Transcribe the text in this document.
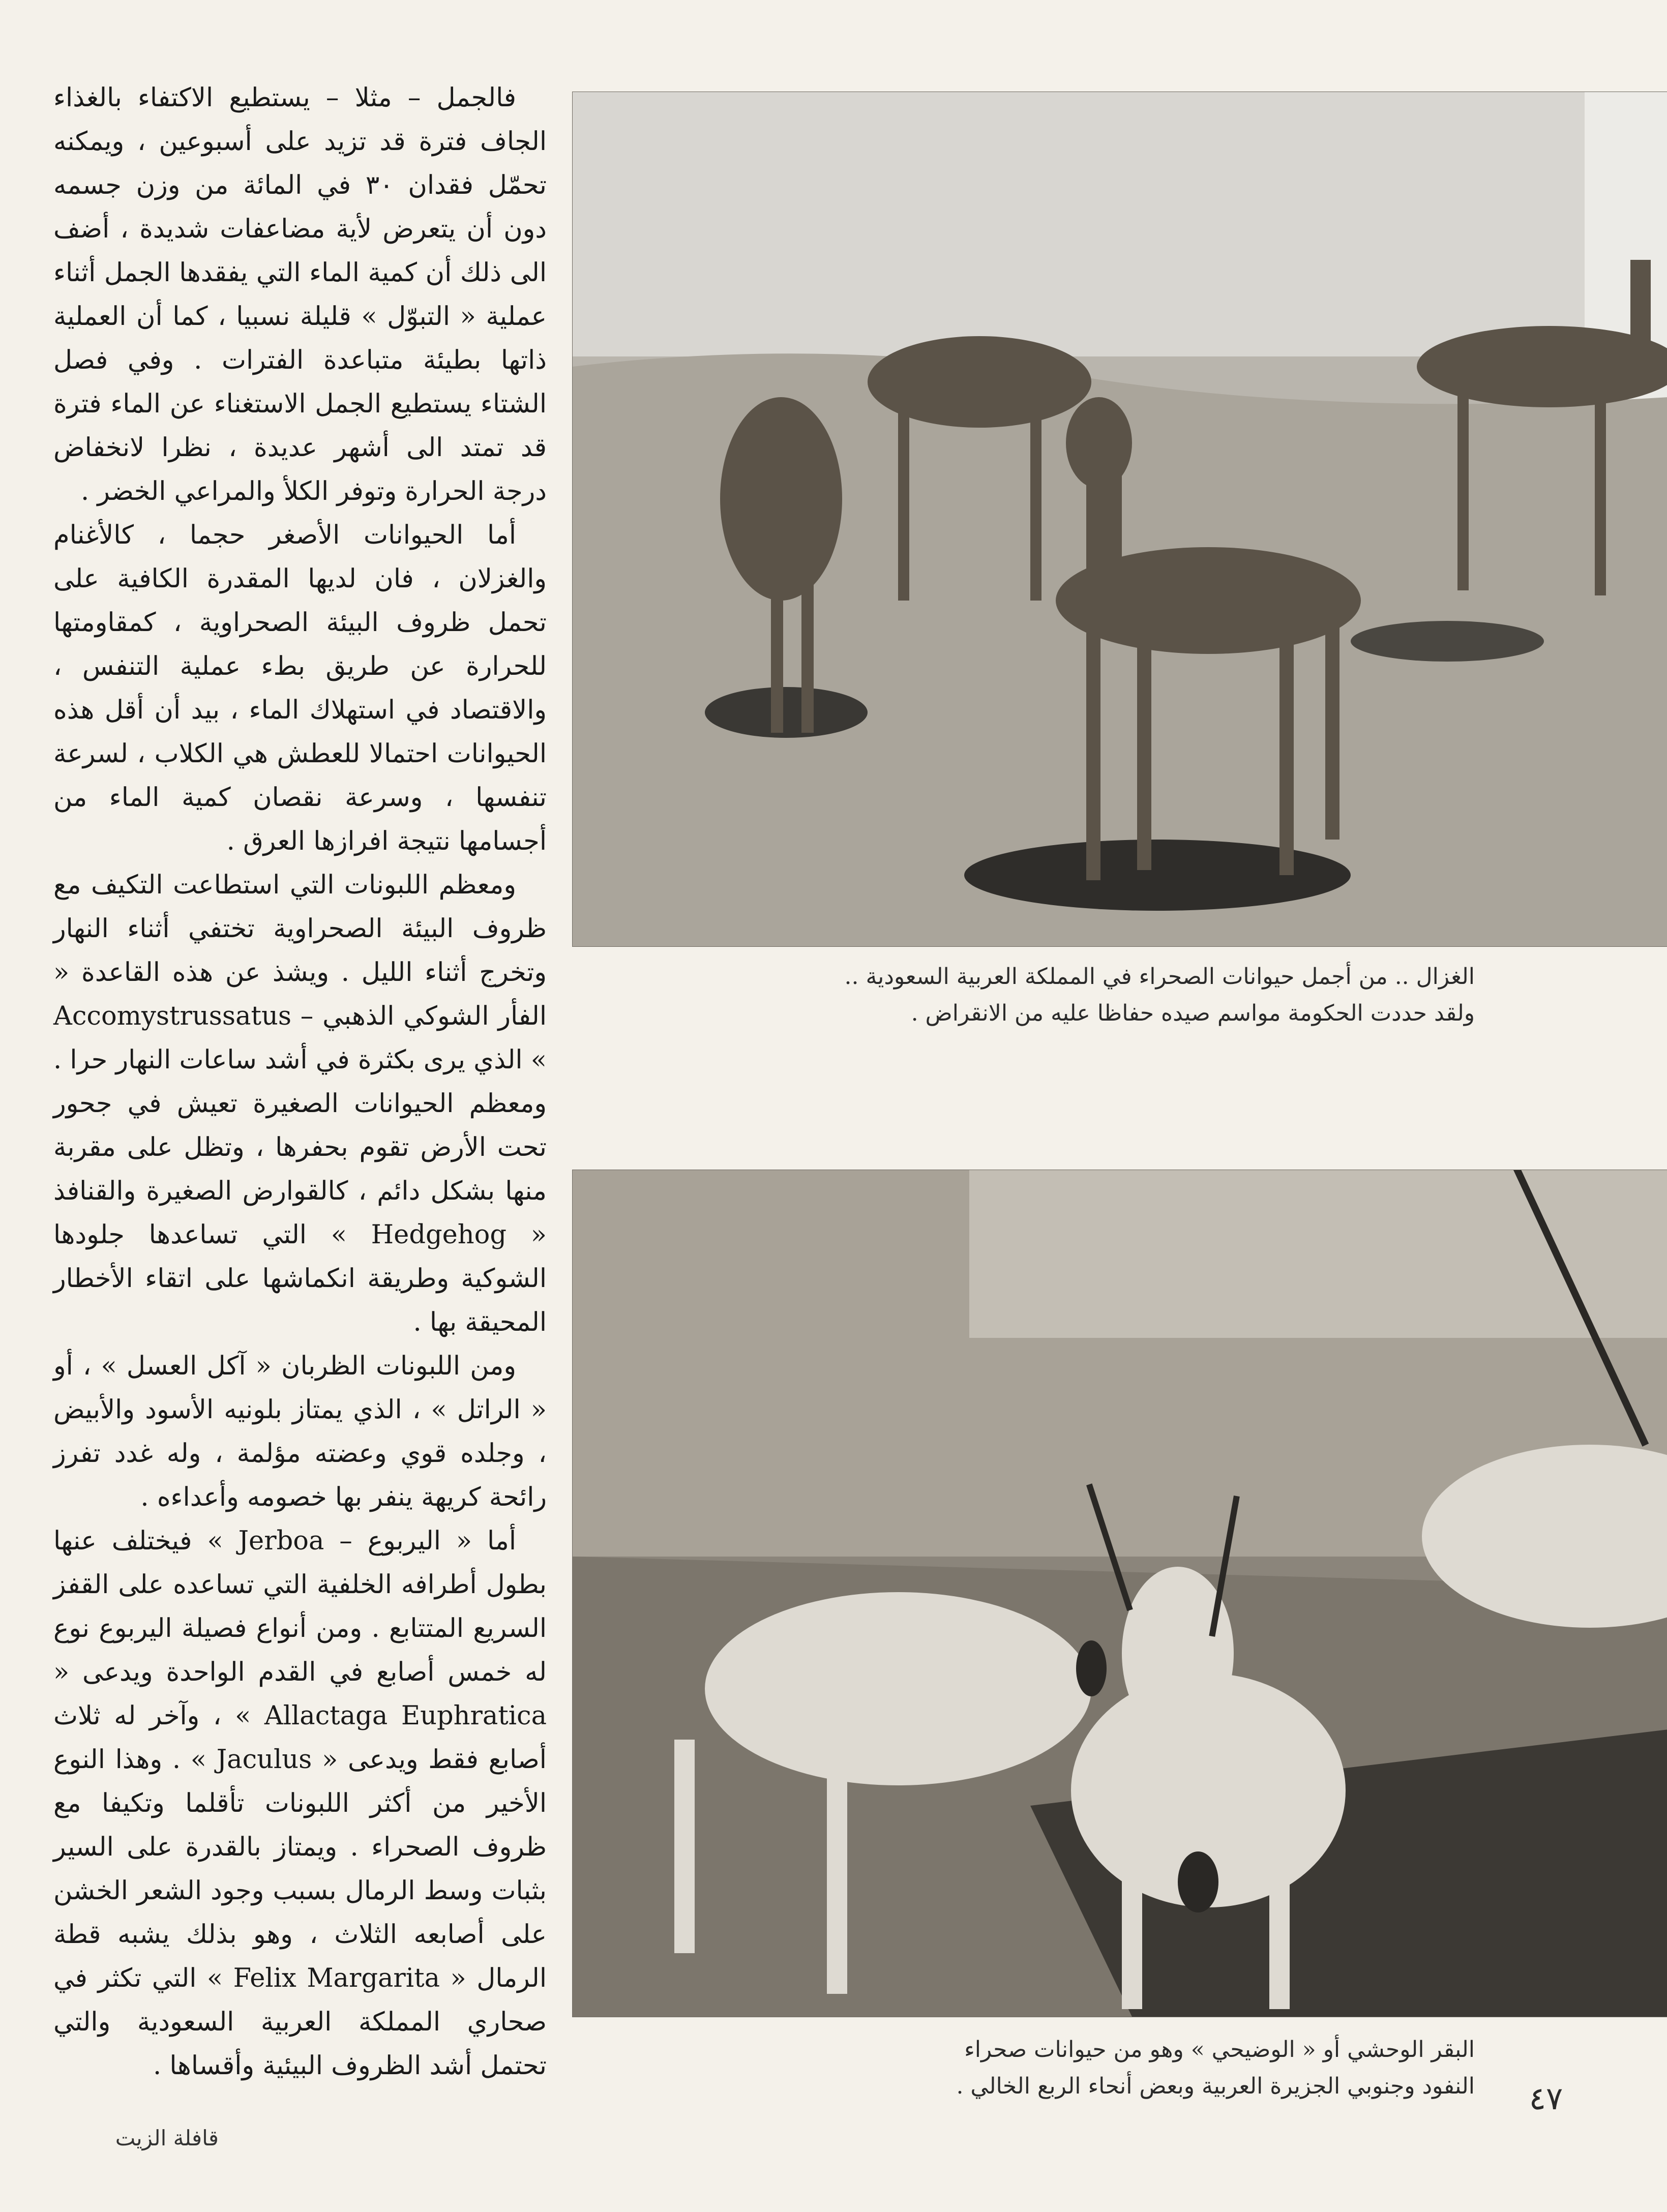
فالجمل – مثلا – يستطيع الاكتفاء بالغذاء الجاف فترة قد تزيد على أسبوعين ، ويمكنه تحمّل فقدان ٣٠ في المائة من وزن جسمه دون أن يتعرض لأية مضاعفات شديدة ، أضف الى ذلك أن كمية الماء التي يفقدها الجمل أثناء عملية « التبوّل » قليلة نسبيا ، كما أن العملية ذاتها بطيئة متباعدة الفترات . وفي فصل الشتاء يستطيع الجمل الاستغناء عن الماء فترة قد تمتد الى أشهر عديدة ، نظرا لانخفاض درجة الحرارة وتوفر الكلأ والمراعي الخضر .

أما الحيوانات الأصغر حجما ، كالأغنام والغزلان ، فان لديها المقدرة الكافية على تحمل ظروف البيئة الصحراوية ، كمقاومتها للحرارة عن طريق بطء عملية التنفس ، والاقتصاد في استهلاك الماء ، بيد أن أقل هذه الحيوانات احتمالا للعطش هي الكلاب ، لسرعة تنفسها ، وسرعة نقصان كمية الماء من أجسامها نتيجة افرازها العرق .

ومعظم اللبونات التي استطاعت التكيف مع ظروف البيئة الصحراوية تختفي أثناء النهار وتخرج أثناء الليل . ويشذ عن هذه القاعدة « الفأر الشوكي الذهبي – Accomystrussatus » الذي يرى بكثرة في أشد ساعات النهار حرا . ومعظم الحيوانات الصغيرة تعيش في جحور تحت الأرض تقوم بحفرها ، وتظل على مقربة منها بشكل دائم ، كالقوارض الصغيرة والقنافذ « Hedgehog » التي تساعدها جلودها الشوكية وطريقة انكماشها على اتقاء الأخطار المحيقة بها .

ومن اللبونات الظربان « آكل العسل » ، أو « الراتل » ، الذي يمتاز بلونيه الأسود والأبيض ، وجلده قوي وعضته مؤلمة ، وله غدد تفرز رائحة كريهة ينفر بها خصومه وأعداءه .

أما « اليربوع – Jerboa » فيختلف عنها بطول أطرافه الخلفية التي تساعده على القفز السريع المتتابع . ومن أنواع فصيلة اليربوع نوع له خمس أصابع في القدم الواحدة ويدعى « Allactaga Euphratica » ، وآخر له ثلاث أصابع فقط ويدعى « Jaculus » . وهذا النوع الأخير من أكثر اللبونات تأقلما وتكيفا مع ظروف الصحراء . ويمتاز بالقدرة على السير بثبات وسط الرمال بسبب وجود الشعر الخشن على أصابعه الثلاث ، وهو بذلك يشبه قطة الرمال « Felix Margarita » التي تكثر في صحاري المملكة العربية السعودية والتي تحتمل أشد الظروف البيئية وأقساها .

الغزال .. من أجمل حيوانات الصحراء في المملكة العربية السعودية ..
ولقد حددت الحكومة مواسم صيده حفاظا عليه من الانقراض .
البقر الوحشي أو « الوضيحي » وهو من حيوانات صحراء
النفود وجنوبي الجزيرة العربية وبعض أنحاء الربع الخالي .	٤٧
قافلة الزيت
